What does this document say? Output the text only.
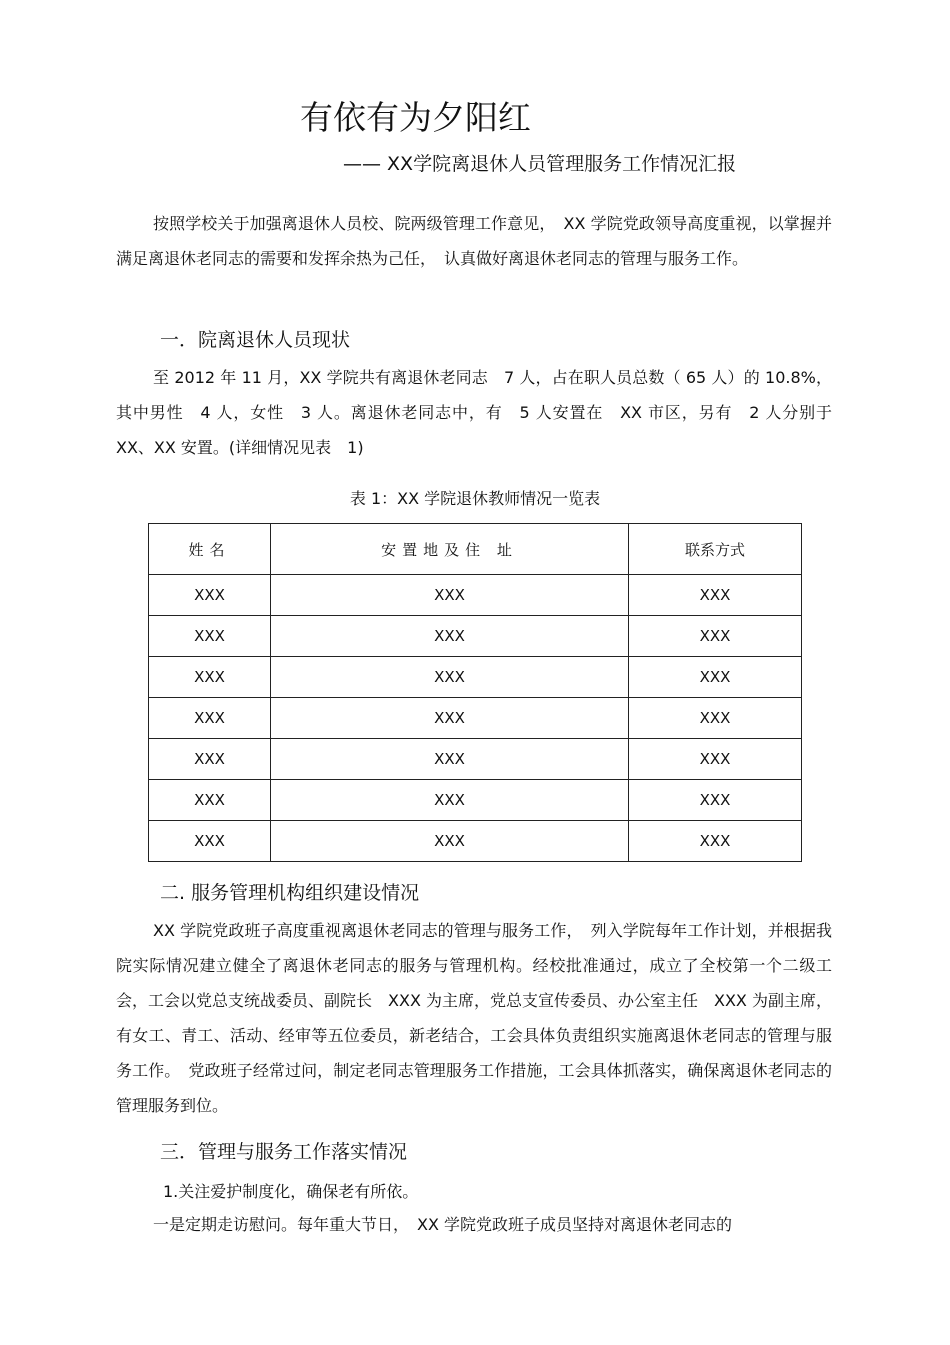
有依有为夕阳红
—— XX学院离退休人员管理服务工作情况汇报

按照学校关于加强离退休人员校、院两级管理工作意见，　XX 学院党政领导高度重视，以掌握并满足离退休老同志的需要和发挥余热为己任，　认真做好离退休老同志的管理与服务工作。

一．院离退休人员现状

至 2012 年 11 月，XX 学院共有离退休老同志　7 人，占在职人员总数（ 65 人）的 10.8%，其中男性　4 人，女性　3 人。离退休老同志中，有　5 人安置在　XX 市区，另有　2 人分别于　XX、XX 安置。(详细情况见表　1)

表 1：XX 学院退休教师情况一览表
姓名	安置地及住 址	联系方式
XXX	XXX	XXX
XXX	XXX	XXX
XXX	XXX	XXX
XXX	XXX	XXX
XXX	XXX	XXX
XXX	XXX	XXX
XXX	XXX	XXX
二. 服务管理机构组织建设情况

XX 学院党政班子高度重视离退休老同志的管理与服务工作，　列入学院每年工作计划，并根据我院实际情况建立健全了离退休老同志的服务与管理机构。经校批准通过，成立了全校第一个二级工会，工会以党总支统战委员、副院长　XXX 为主席，党总支宣传委员、办公室主任　XXX 为副主席，有女工、青工、活动、经审等五位委员，新老结合，工会具体负责组织实施离退休老同志的管理与服务工作。　党政班子经常过问，制定老同志管理服务工作措施，工会具体抓落实，确保离退休老同志的管理服务到位。

三．管理与服务工作落实情况
1.关注爱护制度化，确保老有所依。

一是定期走访慰问。每年重大节日，　XX 学院党政班子成员坚持对离退休老同志的
